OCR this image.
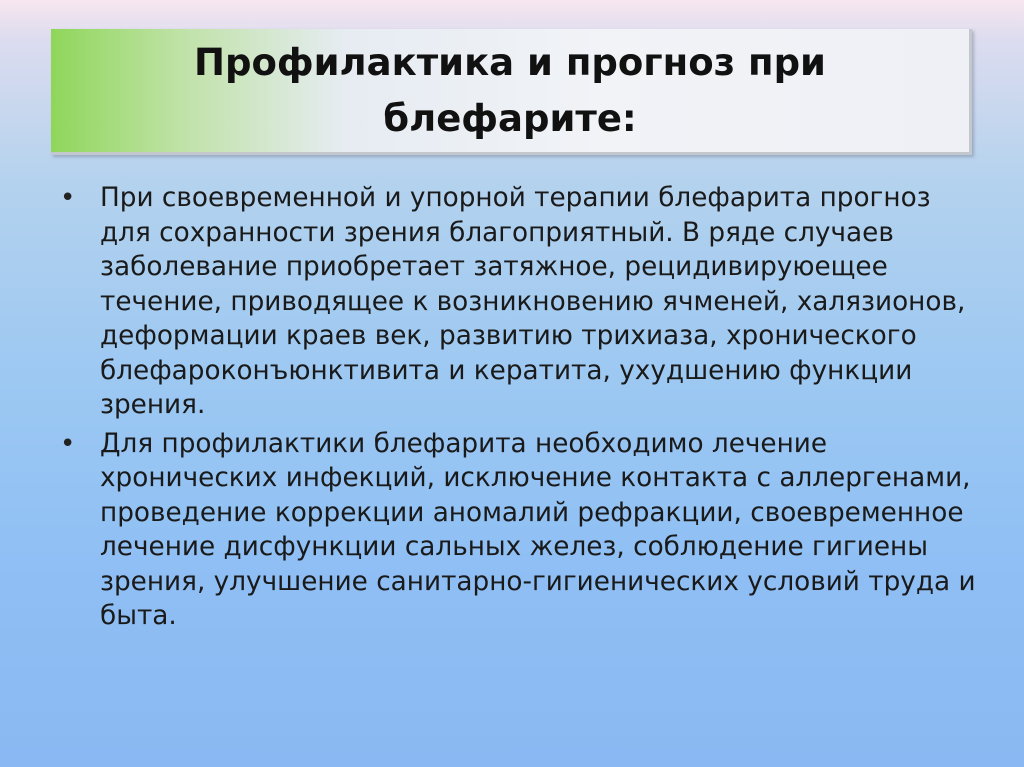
Профилактика и прогноз при
блефарите:
• При своевременной и упорной терапии блефарита прогноз для сохранности зрения благоприятный. В ряде случаев заболевание приобретает затяжное, рецидивируюещее течение, приводящее к возникновению ячменей, халязионов, деформации краев век, развитию трихиаза, хронического блефароконъюнктивита и кератита, ухудшению функции зрения.

• Для профилактики блефарита необходимо лечение хронических инфекций, исключение контакта с аллергенами, проведение коррекции аномалий рефракции, своевременное лечение дисфункции сальных желез, соблюдение гигиены зрения, улучшение санитарно-гигиенических условий труда и быта.
